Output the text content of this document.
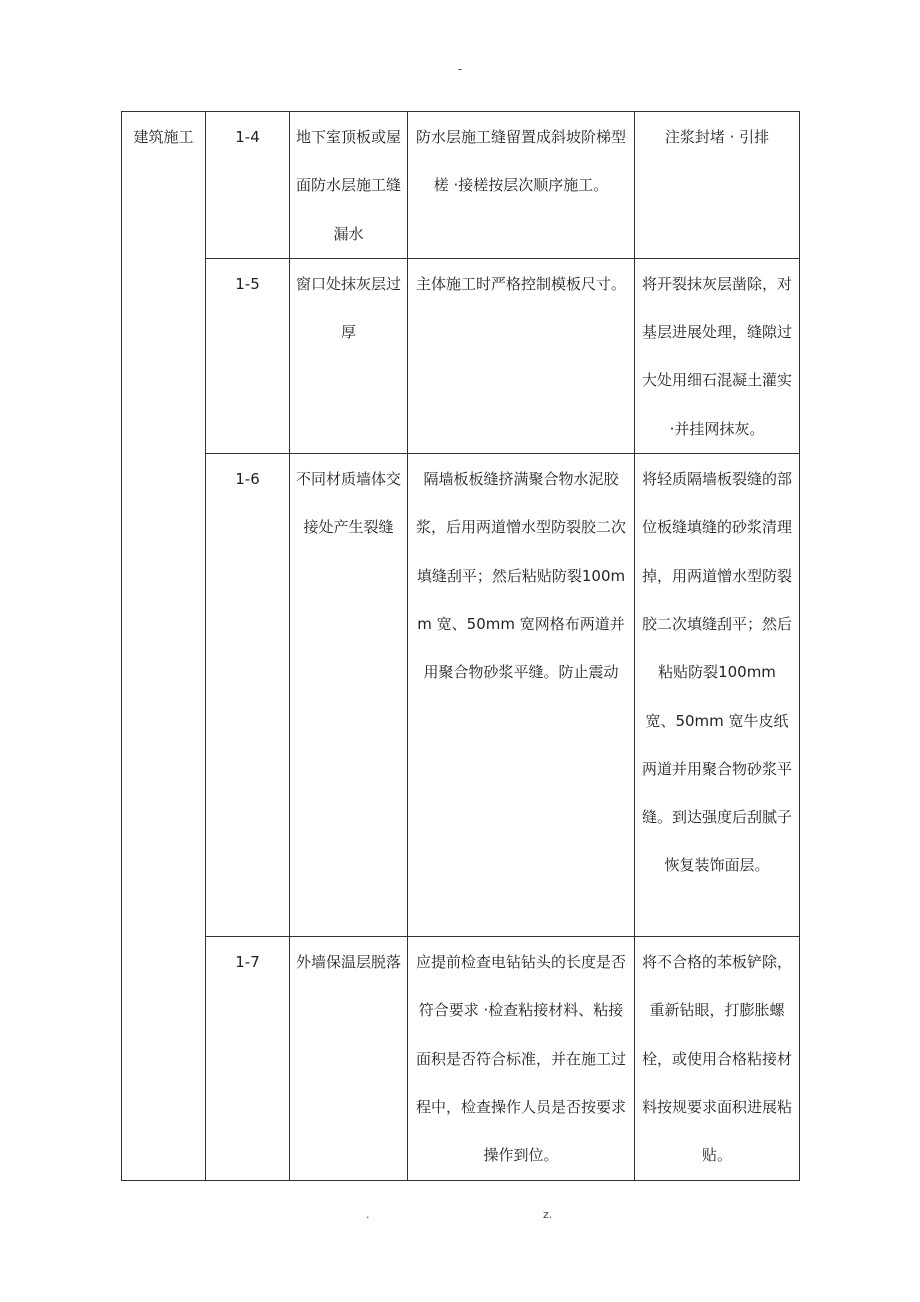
-
建筑施工	1-4	地下室顶板或屋面防水层施工缝漏水	防水层施工缝留置成斜坡阶梯型槎 ·接槎按层次顺序施工。	注浆封堵 · 引排
	1-5	窗口处抹灰层过厚	主体施工时严格控制模板尺寸。	将开裂抹灰层凿除，对基层进展处理，缝隙过大处用细石混凝土灌实 ·并挂网抹灰。
	1-6	不同材质墙体交接处产生裂缝	隔墙板板缝挤满聚合物水泥胶浆，后用两道憎水型防裂胶二次填缝刮平；然后粘贴防裂100mm 宽、50mm 宽网格布两道并用聚合物砂浆平缝。防止震动	将轻质隔墙板裂缝的部位板缝填缝的砂浆清理掉，用两道憎水型防裂胶二次填缝刮平；然后粘贴防裂100mm 宽、50mm 宽牛皮纸两道并用聚合物砂浆平缝。到达强度后刮腻子恢复装饰面层。
	1-7	外墙保温层脱落	应提前检查电钻钻头的长度是否符合要求 ·检查粘接材料、粘接面积是否符合标准，并在施工过程中，检查操作人员是否按要求操作到位。	将不合格的苯板铲除，重新钻眼，打膨胀螺栓，或使用合格粘接材料按规要求面积进展粘贴。
.	z.
